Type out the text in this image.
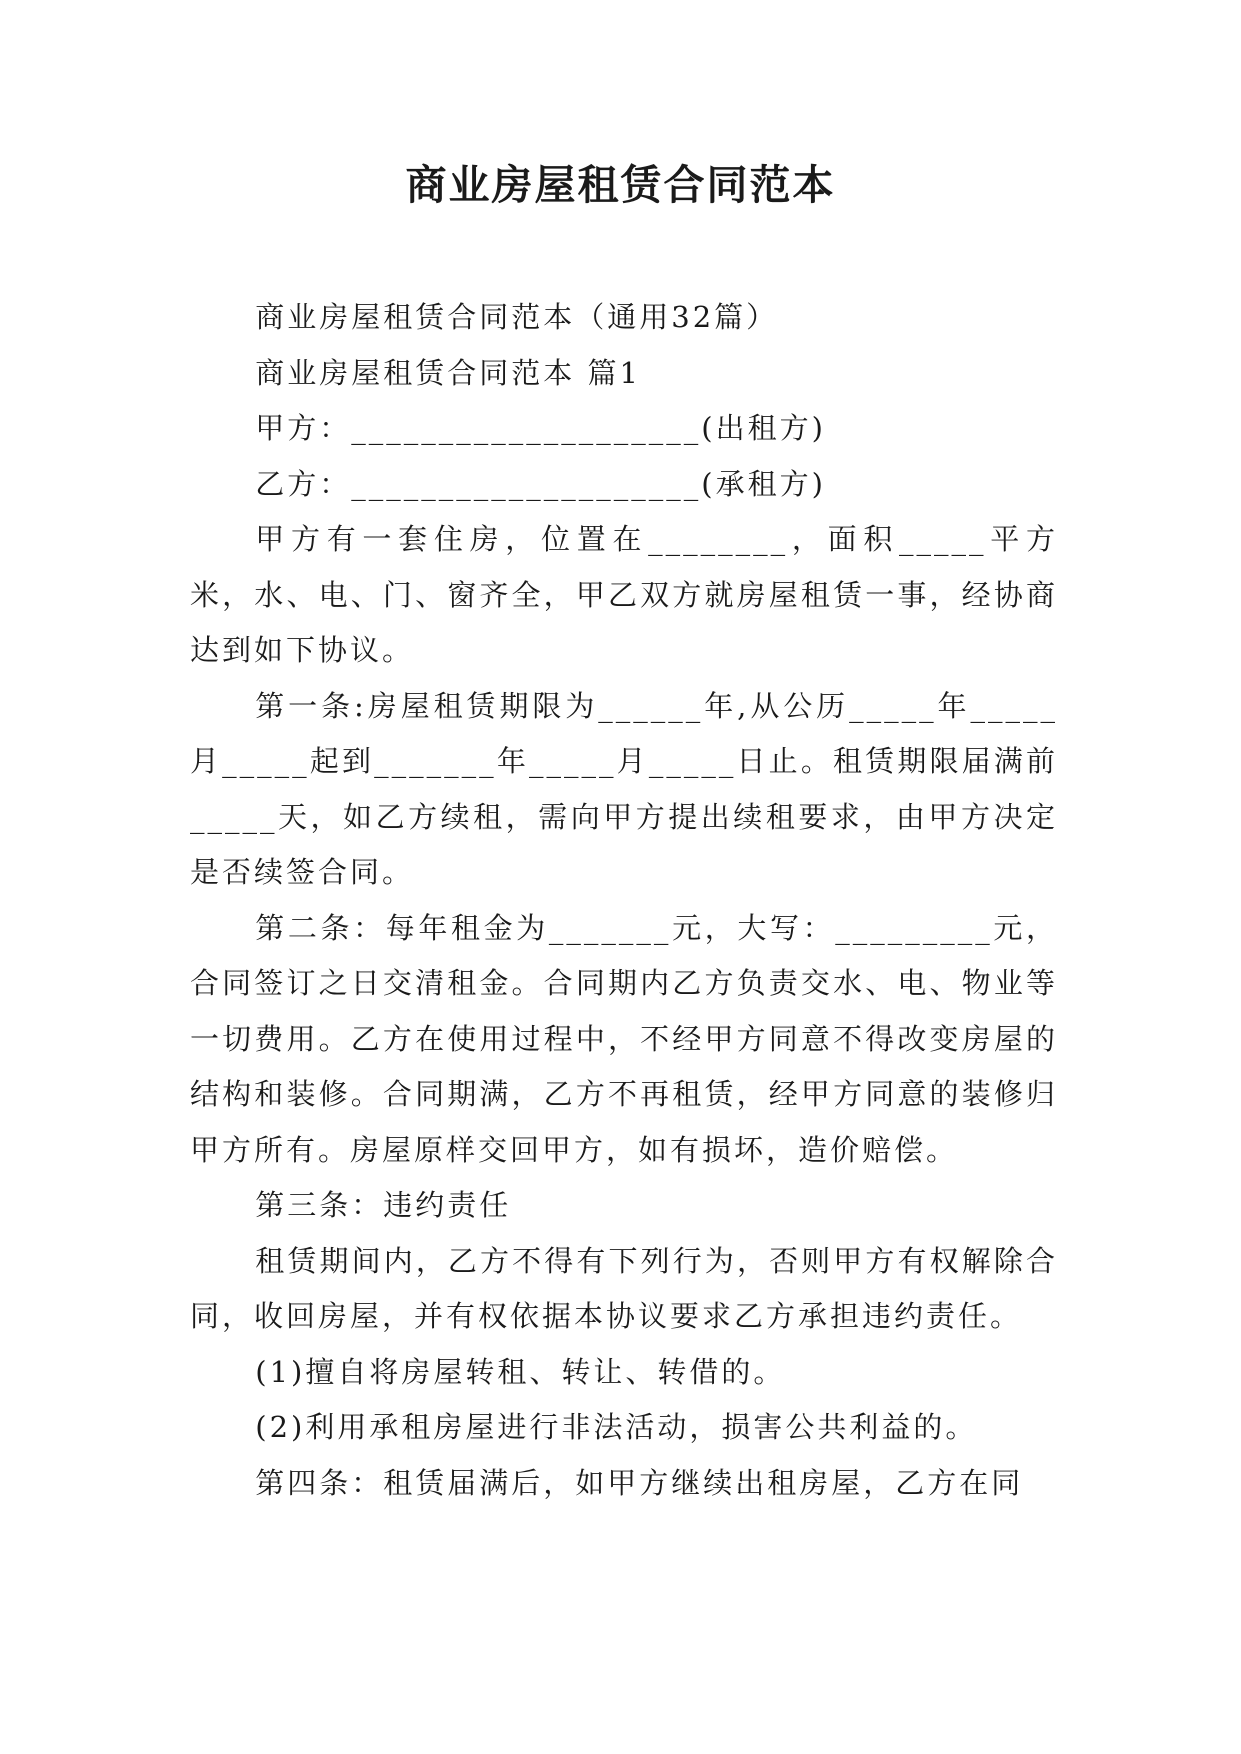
商业房屋租赁合同范本

商业房屋租赁合同范本（通用32篇）

商业房屋租赁合同范本 篇1

甲方：____________________(出租方)

乙方：____________________(承租方)

甲方有一套住房，位置在________，面积_____平方米，水、电、门、窗齐全，甲乙双方就房屋租赁一事，经协商达到如下协议。

第一条:房屋租赁期限为______年,从公历_____年_____月_____起到_______年_____月_____日止。租赁期限届满前_____天，如乙方续租，需向甲方提出续租要求，由甲方决定是否续签合同。

第二条：每年租金为_______元，大写：_________元，合同签订之日交清租金。合同期内乙方负责交水、电、物业等一切费用。乙方在使用过程中，不经甲方同意不得改变房屋的结构和装修。合同期满，乙方不再租赁，经甲方同意的装修归甲方所有。房屋原样交回甲方，如有损坏，造价赔偿。

第三条：违约责任

租赁期间内，乙方不得有下列行为，否则甲方有权解除合同，收回房屋，并有权依据本协议要求乙方承担违约责任。

(1)擅自将房屋转租、转让、转借的。

(2)利用承租房屋进行非法活动，损害公共利益的。

第四条：租赁届满后，如甲方继续出租房屋，乙方在同
